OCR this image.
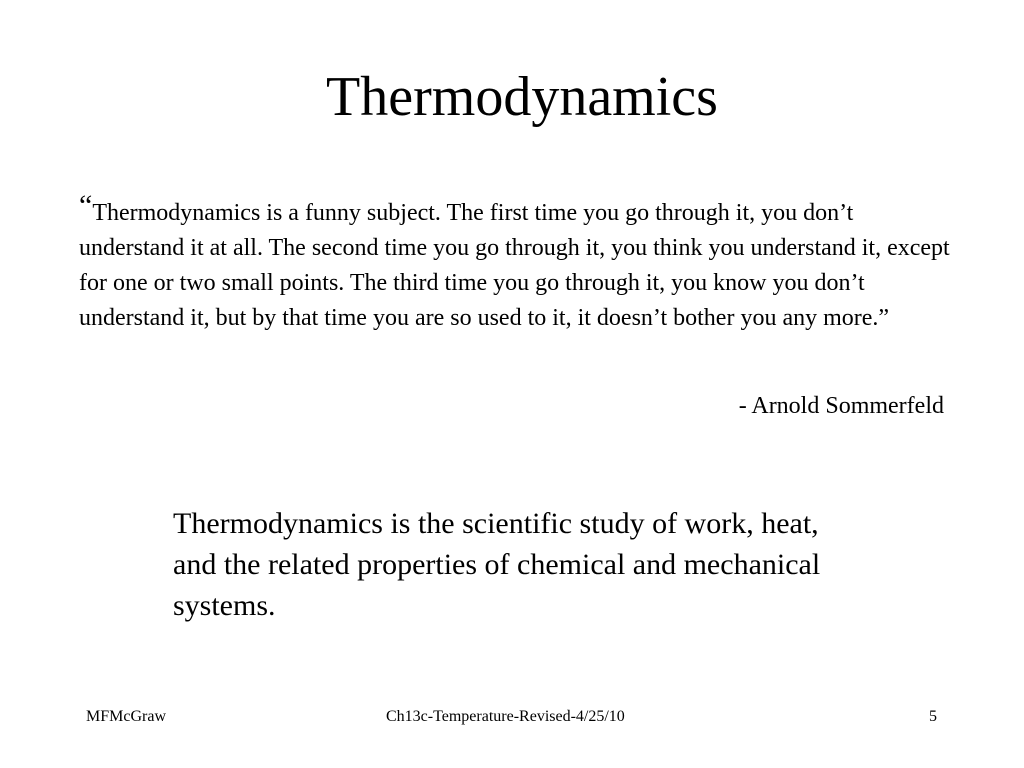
Thermodynamics

“Thermodynamics is a funny subject. The first time you go through it, you don’t understand it at all. The second time you go through it, you think you understand it, except for one or two small points. The third time you go through it, you know you don’t understand it, but by that time you are so used to it, it doesn’t bother you any more.”

- Arnold Sommerfeld

Thermodynamics is the scientific study of work, heat, and the related properties of chemical and mechanical systems.

MFMcGraw	Ch13c-Temperature-Revised-4/25/10	5
